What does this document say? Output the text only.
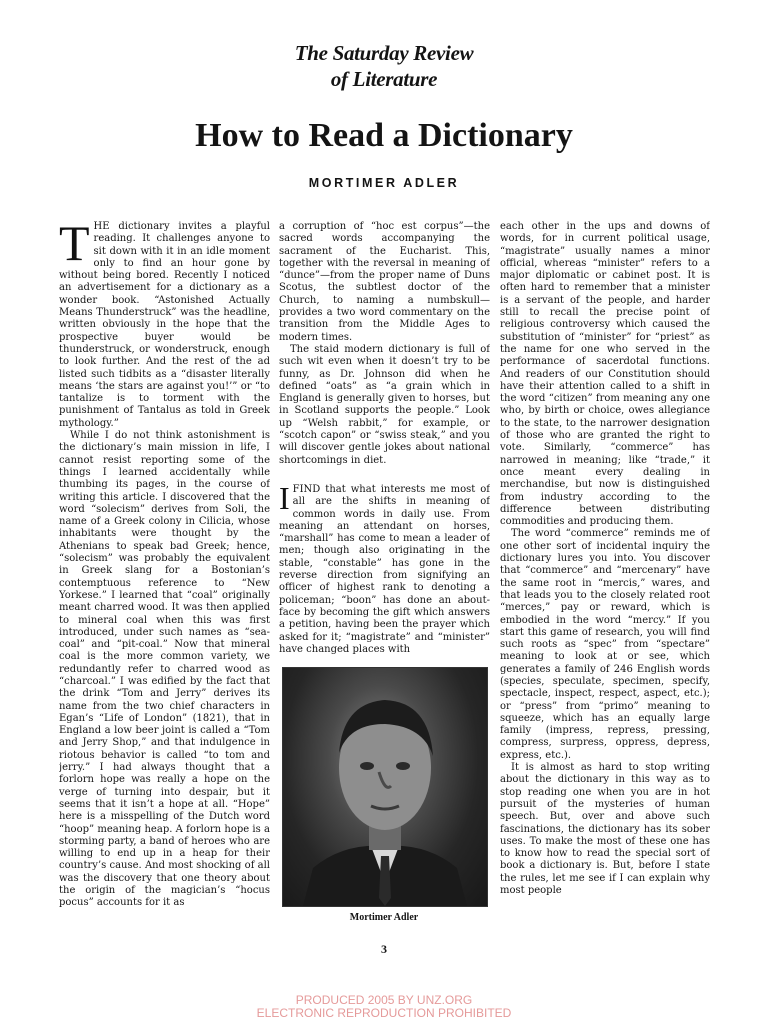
The Saturday Review
of Literature
How to Read a Dictionary
MORTIMER ADLER

THE dictionary invites a playful reading. It challenges anyone to sit down with it in an idle moment only to find an hour gone by without being bored. Recently I noticed an advertisement for a dictionary as a wonder book. “Astonished Actually Means Thunderstruck” was the headline, written obviously in the hope that the prospective buyer would be thunderstruck, or wonderstruck, enough to look further. And the rest of the ad listed such tidbits as a “disaster literally means ‘the stars are against you!’” or “to tantalize is to torment with the punishment of Tantalus as told in Greek mythology.”

While I do not think astonishment is the dictionary’s main mission in life, I cannot resist reporting some of the things I learned accidentally while thumbing its pages, in the course of writing this article. I discovered that the word “solecism” derives from Soli, the name of a Greek colony in Cilicia, whose inhabitants were thought by the Athenians to speak bad Greek; hence, “solecism” was probably the equivalent in Greek slang for a Bostonian’s contemptuous reference to “New Yorkese.” I learned that “coal” originally meant charred wood. It was then applied to mineral coal when this was first introduced, under such names as “sea-coal” and “pit-coal.” Now that mineral coal is the more common variety, we redundantly refer to charred wood as “charcoal.” I was edified by the fact that the drink “Tom and Jerry” derives its name from the two chief characters in Egan’s “Life of London” (1821), that in England a low beer joint is called a “Tom and Jerry Shop,” and that indulgence in riotous behavior is called “to tom and jerry.” I had always thought that a forlorn hope was really a hope on the verge of turning into despair, but it seems that it isn’t a hope at all. “Hope” here is a misspelling of the Dutch word “hoop” meaning heap. A forlorn hope is a storming party, a band of heroes who are willing to end up in a heap for their country’s cause. And most shocking of all was the discovery that one theory about the origin of the magician’s “hocus pocus” accounts for it as

a corruption of “hoc est corpus”—the sacred words accompanying the sacrament of the Eucharist. This, together with the reversal in meaning of “dunce”—from the proper name of Duns Scotus, the subtlest doctor of the Church, to naming a numbskull—provides a two word commentary on the transition from the Middle Ages to modern times.

The staid modern dictionary is full of such wit even when it doesn’t try to be funny, as Dr. Johnson did when he defined “oats” as “a grain which in England is generally given to horses, but in Scotland supports the people.” Look up “Welsh rabbit,” for example, or “scotch capon” or “swiss steak,” and you will discover gentle jokes about national shortcomings in diet.

IFIND that what interests me most of all are the shifts in meaning of common words in daily use. From meaning an attendant on horses, “marshall” has come to mean a leader of men; though also originating in the stable, “constable” has gone in the reverse direction from signifying an officer of highest rank to denoting a policeman; “boon” has done an about-face by becoming the gift which answers a petition, having been the prayer which asked for it; “magistrate” and “minister” have changed places with

each other in the ups and downs of words, for in current political usage, “magistrate” usually names a minor official, whereas “minister” refers to a major diplomatic or cabinet post. It is often hard to remember that a minister is a servant of the people, and harder still to recall the precise point of religious controversy which caused the substitution of “minister” for “priest” as the name for one who served in the performance of sacerdotal functions. And readers of our Constitution should have their attention called to a shift in the word “citizen” from meaning any one who, by birth or choice, owes allegiance to the state, to the narrower designation of those who are granted the right to vote. Similarly, “commerce” has narrowed in meaning; like “trade,” it once meant every dealing in merchandise, but now is distinguished from industry according to the difference between distributing commodities and producing them.

The word “commerce” reminds me of one other sort of incidental inquiry the dictionary lures you into. You discover that “commerce” and “mercenary” have the same root in “mercis,” wares, and that leads you to the closely related root “merces,” pay or reward, which is embodied in the word “mercy.” If you start this game of research, you will find such roots as “spec” from “spectare” meaning to look at or see, which generates a family of 246 English words (species, speculate, specimen, specify, spectacle, inspect, respect, aspect, etc.); or “press” from “primo” meaning to squeeze, which has an equally large family (impress, repress, pressing, compress, surpress, oppress, depress, express, etc.).

It is almost as hard to stop writing about the dictionary in this way as to stop reading one when you are in hot pursuit of the mysteries of human speech. But, over and above such fascinations, the dictionary has its sober uses. To make the most of these one has to know how to read the special sort of book a dictionary is. But, before I state the rules, let me see if I can explain why most people

Mortimer Adler
3
PRODUCED 2005 BY UNZ.ORG
ELECTRONIC REPRODUCTION PROHIBITED
